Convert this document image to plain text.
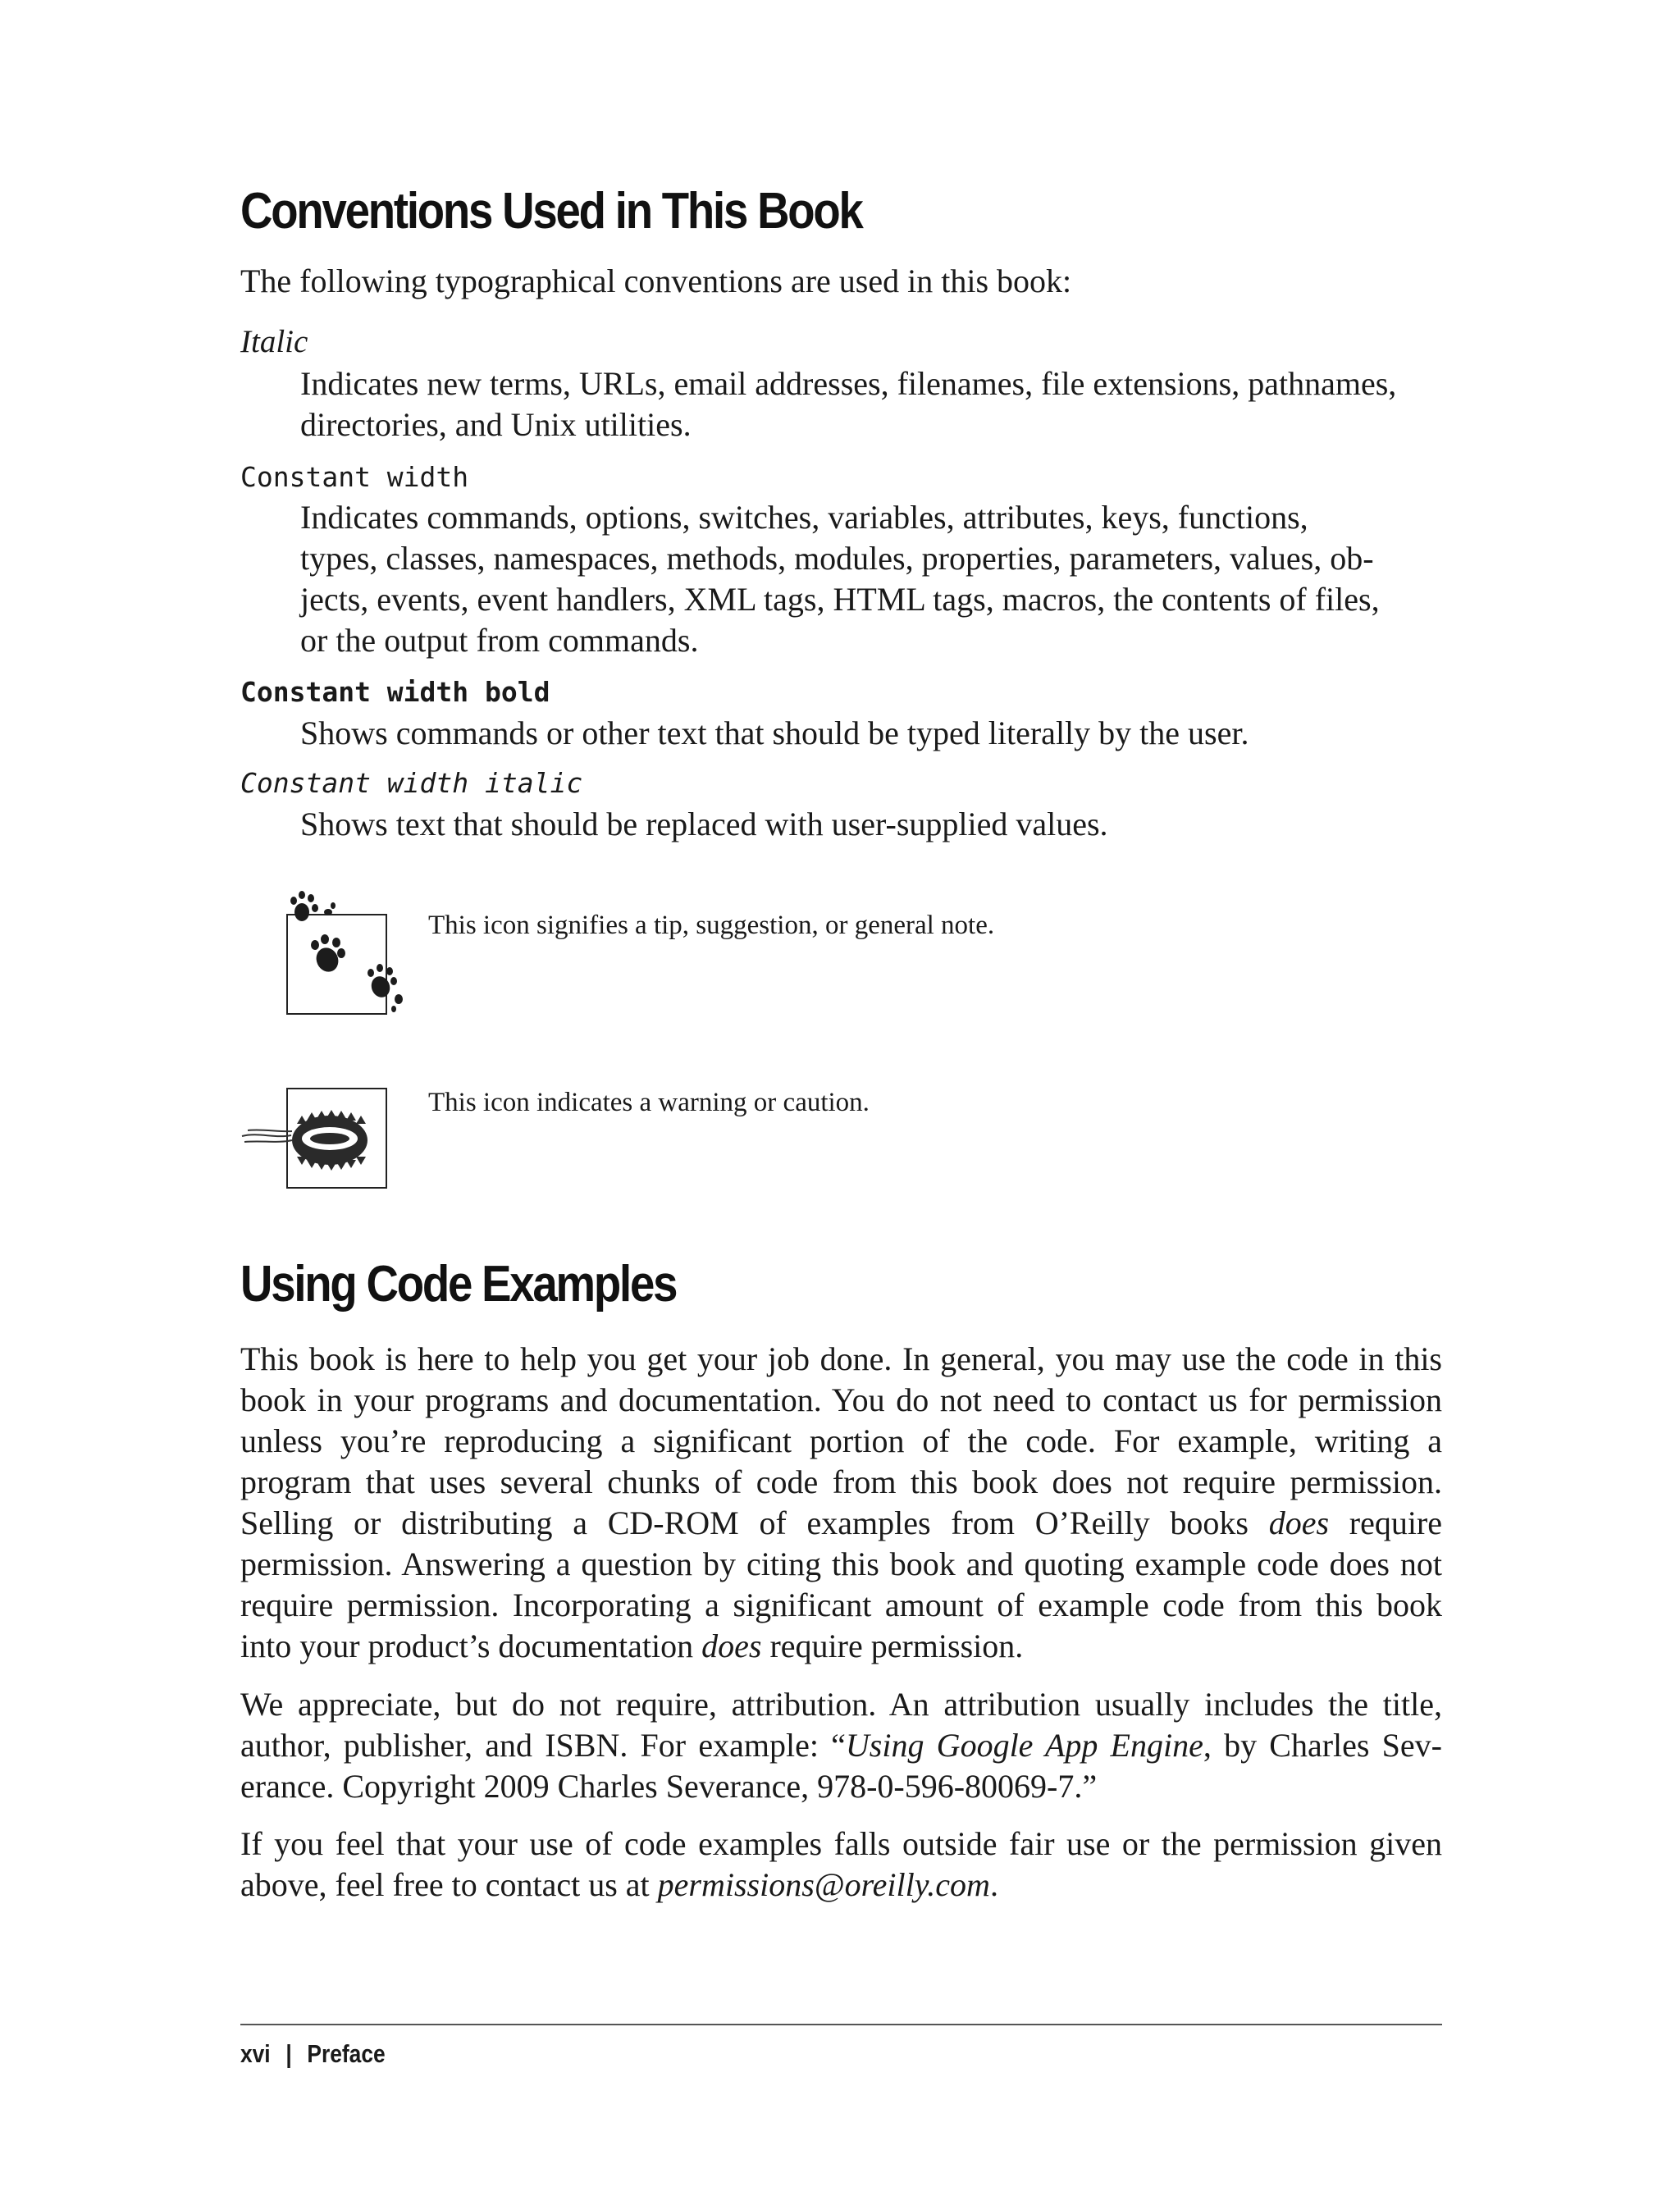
Conventions Used in This Book

The following typographical conventions are used in this book:

Italic

Indicates new terms, URLs, email addresses, filenames, file extensions, pathnames,
directories, and Unix utilities.

Constant width

Indicates commands, options, switches, variables, attributes, keys, functions,
types, classes, namespaces, methods, modules, properties, parameters, values, ob-
jects, events, event handlers, XML tags, HTML tags, macros, the contents of files,
or the output from commands.

Constant width bold

Shows commands or other text that should be typed literally by the user.

Constant width italic

Shows text that should be replaced with user-supplied values.

This icon signifies a tip, suggestion, or general note.
This icon indicates a warning or caution.
Using Code Examples

This book is here to help you get your job done. In general, you may use the code in this book in your programs and documentation. You do not need to contact us for permission unless you’re reproducing a significant portion of the code. For example, writing a program that uses several chunks of code from this book does not require permission. Selling or distributing a CD-ROM of examples from O’Reilly books does require permission. Answering a question by citing this book and quoting example code does not require permission. Incorporating a significant amount of example code from this book into your product’s documentation does require permission.

We appreciate, but do not require, attribution. An attribution usually includes the title, author, publisher, and ISBN. For example: “Using Google App Engine, by Charles Sev-erance. Copyright 2009 Charles Severance, 978-0-596-80069-7.”

If you feel that your use of code examples falls outside fair use or the permission given above, feel free to contact us at permissions@oreilly.com.

xvi | Preface
